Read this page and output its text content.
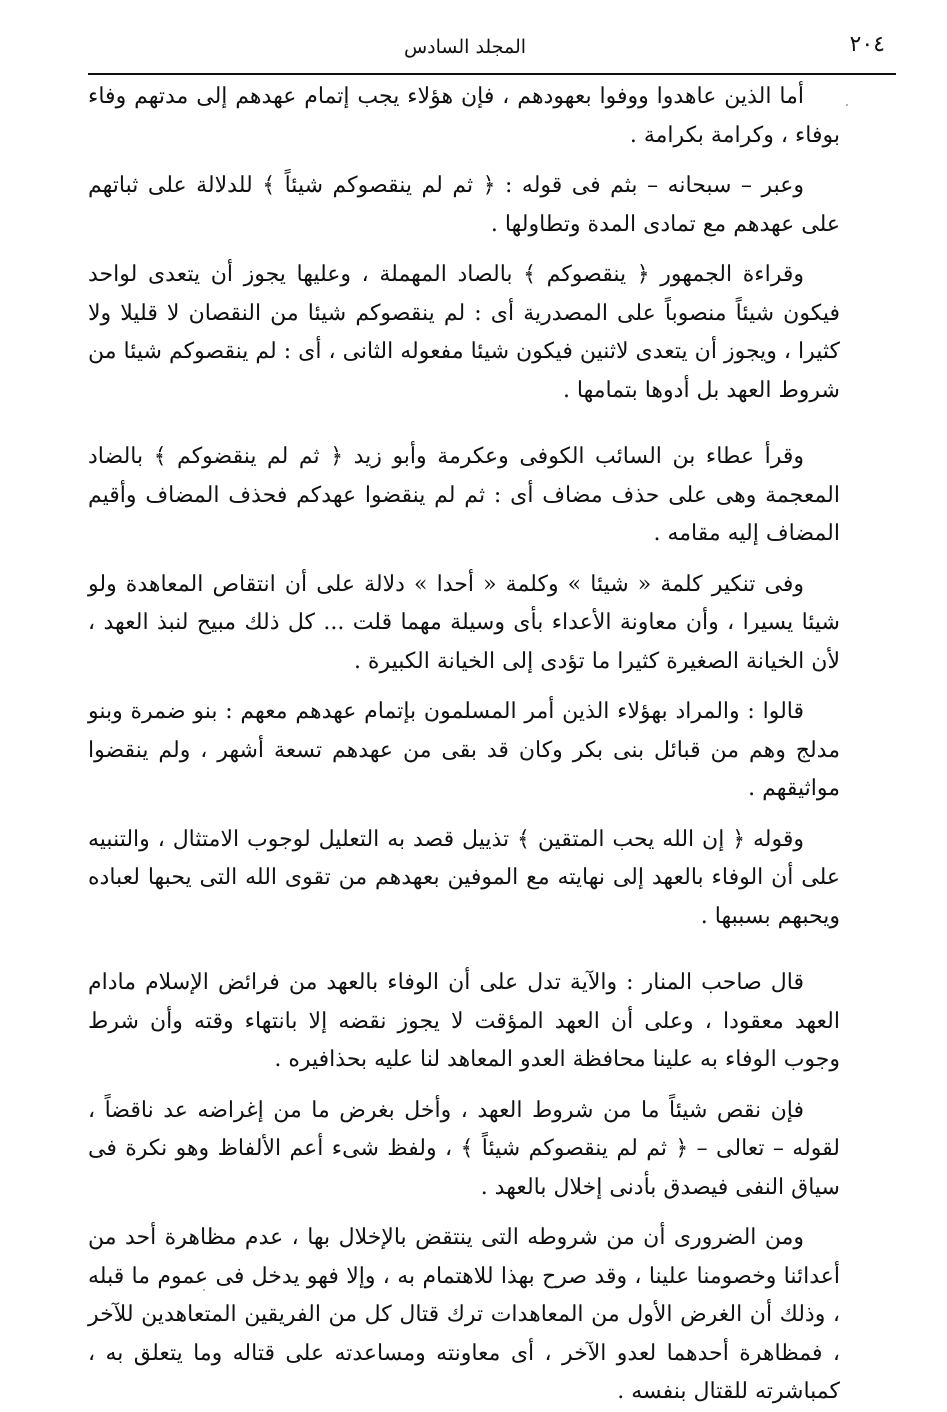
٢٠٤
المجلد السادس

أما الذين عاهدوا ووفوا بعهودهم ، فإن هؤلاء يجب إتمام عهدهم إلى مدتهم وفاء بوفاء ، وكرامة بكرامة .

وعبر – سبحانه – بثم فى قوله : ﴿ ثم لم ينقصوكم شيئاً ﴾ للدلالة على ثباتهم على عهدهم مع تمادى المدة وتطاولها .

وقراءة الجمهور ﴿ ينقصوكم ﴾ بالصاد المهملة ، وعليها يجوز أن يتعدى لواحد فيكون شيئاً منصوباً على المصدرية أى : لم ينقصوكم شيئا من النقصان لا قليلا ولا كثيرا ، ويجوز أن يتعدى لاثنين فيكون شيئا مفعوله الثانى ، أى : لم ينقصوكم شيئا من شروط العهد بل أدوها بتمامها .

وقرأ عطاء بن السائب الكوفى وعكرمة وأبو زيد ﴿ ثم لم ينقضوكم ﴾ بالضاد المعجمة وهى على حذف مضاف أى : ثم لم ينقضوا عهدكم فحذف المضاف وأقيم المضاف إليه مقامه .

وفى تنكير كلمة « شيئا » وكلمة « أحدا » دلالة على أن انتقاص المعاهدة ولو شيئا يسيرا ، وأن معاونة الأعداء بأى وسيلة مهما قلت ... كل ذلك مبيح لنبذ العهد ، لأن الخيانة الصغيرة كثيرا ما تؤدى إلى الخيانة الكبيرة .

قالوا : والمراد بهؤلاء الذين أمر المسلمون بإتمام عهدهم معهم : بنو ضمرة وبنو مدلج وهم من قبائل بنى بكر وكان قد بقى من عهدهم تسعة أشهر ، ولم ينقضوا مواثيقهم .

وقوله ﴿ إن الله يحب المتقين ﴾ تذييل قصد به التعليل لوجوب الامتثال ، والتنبيه على أن الوفاء بالعهد إلى نهايته مع الموفين بعهدهم من تقوى الله التى يحبها لعباده ويحبهم بسببها .

قال صاحب المنار : والآية تدل على أن الوفاء بالعهد من فرائض الإسلام مادام العهد معقودا ، وعلى أن العهد المؤقت لا يجوز نقضه إلا بانتهاء وقته وأن شرط وجوب الوفاء به علينا محافظة العدو المعاهد لنا عليه بحذافيره .

فإن نقص شيئاً ما من شروط العهد ، وأخل بغرض ما من إغراضه عد ناقضاً ، لقوله – تعالى – ﴿ ثم لم ينقصوكم شيئاً ﴾ ، ولفظ شىء أعم الألفاظ وهو نكرة فى سياق النفى فيصدق بأدنى إخلال بالعهد .

ومن الضرورى أن من شروطه التى ينتقض بالإخلال بها ، عدم مظاهرة أحد من أعدائنا وخصومنا علينا ، وقد صرح بهذا للاهتمام به ، وإلا فهو يدخل فى عموم ما قبله ، وذلك أن الغرض الأول من المعاهدات ترك قتال كل من الفريقين المتعاهدين للآخر ، فمظاهرة أحدهما لعدو الآخر ، أى معاونته ومساعدته على قتاله وما يتعلق به ، كمباشرته للقتال بنفسه .
